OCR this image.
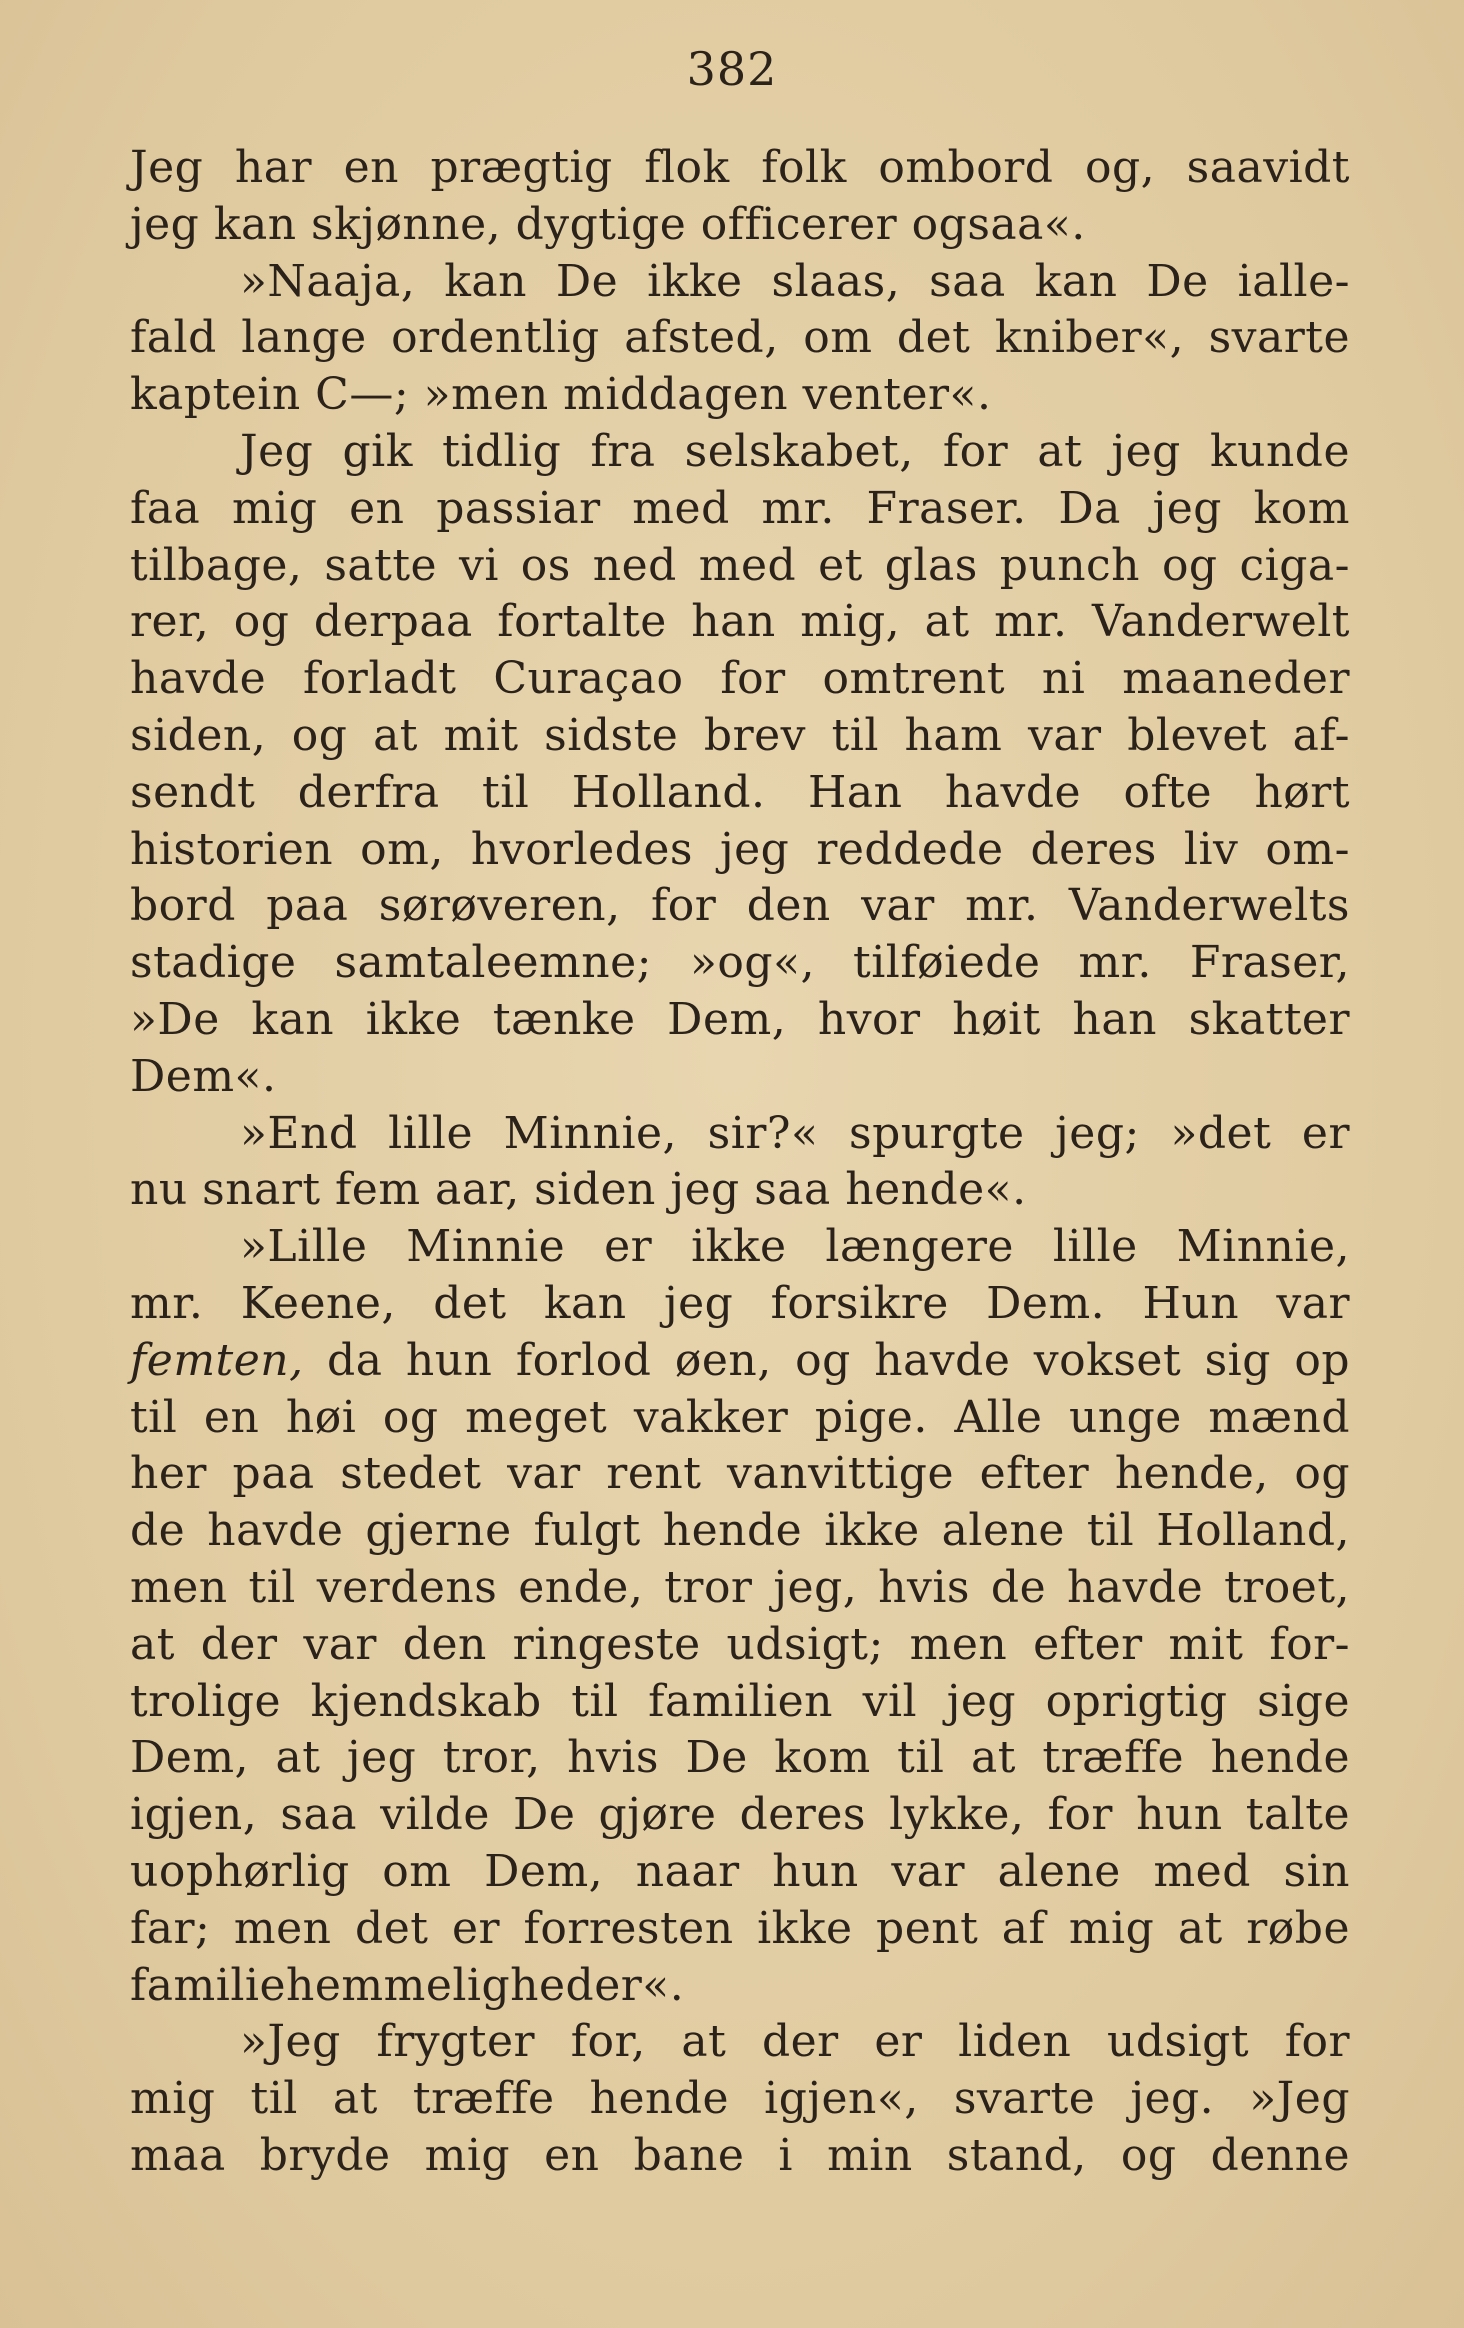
382
Jeg har en prægtig flok folk ombord og, saavidt
jeg kan skjønne, dygtige officerer ogsaa«.
»Naaja, kan De ikke slaas, saa kan De ialle-
fald lange ordentlig afsted, om det kniber«, svarte
kaptein C—; »men middagen venter«.
Jeg gik tidlig fra selskabet, for at jeg kunde
faa mig en passiar med mr. Fraser. Da jeg kom
tilbage, satte vi os ned med et glas punch og ciga-
rer, og derpaa fortalte han mig, at mr. Vanderwelt
havde forladt Curaçao for omtrent ni maaneder
siden, og at mit sidste brev til ham var blevet af-
sendt derfra til Holland. Han havde ofte hørt
historien om, hvorledes jeg reddede deres liv om-
bord paa sørøveren, for den var mr. Vanderwelts
stadige samtaleemne; »og«, tilføiede mr. Fraser,
»De kan ikke tænke Dem, hvor høit han skatter
Dem«.
»End lille Minnie, sir?« spurgte jeg; »det er
nu snart fem aar, siden jeg saa hende«.
»Lille Minnie er ikke længere lille Minnie,
mr. Keene, det kan jeg forsikre Dem. Hun var
femten, da hun forlod øen, og havde vokset sig op
til en høi og meget vakker pige. Alle unge mænd
her paa stedet var rent vanvittige efter hende, og
de havde gjerne fulgt hende ikke alene til Holland,
men til verdens ende, tror jeg, hvis de havde troet,
at der var den ringeste udsigt; men efter mit for-
trolige kjendskab til familien vil jeg oprigtig sige
Dem, at jeg tror, hvis De kom til at træffe hende
igjen, saa vilde De gjøre deres lykke, for hun talte
uophørlig om Dem, naar hun var alene med sin
far; men det er forresten ikke pent af mig at røbe
familiehemmeligheder«.
»Jeg frygter for, at der er liden udsigt for
mig til at træffe hende igjen«, svarte jeg. »Jeg
maa bryde mig en bane i min stand, og denne
